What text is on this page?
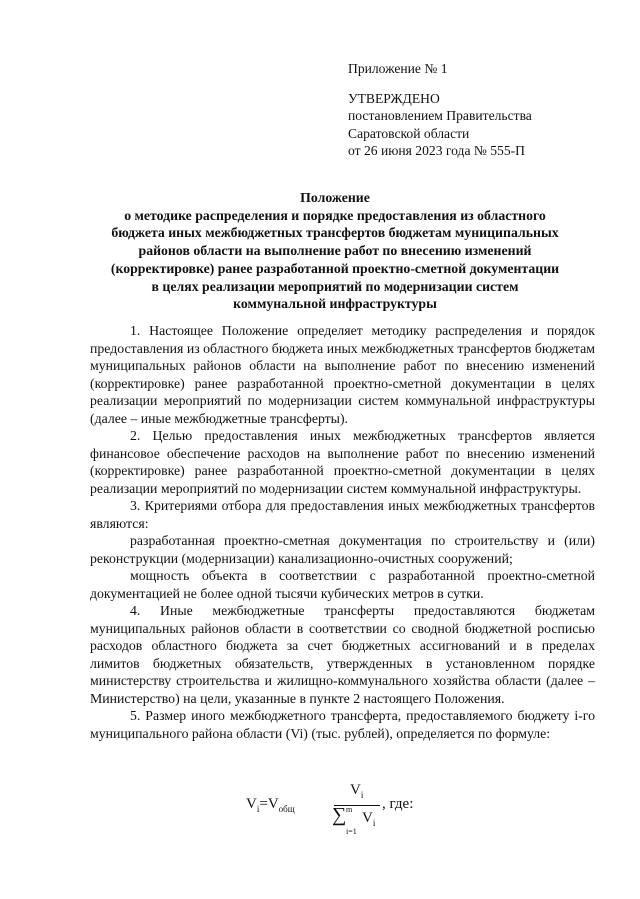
Приложение № 1
УТВЕРЖДЕНО
постановлением Правительства
Саратовской области
от 26 июня 2023 года № 555-П
Положение
о методике распределения и порядке предоставления из областного
бюджета иных межбюджетных трансфертов бюджетам муниципальных
районов области на выполнение работ по внесению изменений
(корректировке) ранее разработанной проектно-сметной документации
в целях реализации мероприятий по модернизации систем
коммунальной инфраструктуры

1. Настоящее Положение определяет методику распределения и порядок предоставления из областного бюджета иных межбюджетных трансфертов бюджетам муниципальных районов области на выполнение работ по внесению изменений (корректировке) ранее разработанной проектно-сметной документации в целях реализации мероприятий по модернизации систем коммунальной инфраструктуры (далее – иные межбюджетные трансферты).

2. Целью предоставления иных межбюджетных трансфертов является финансовое обеспечение расходов на выполнение работ по внесению изменений (корректировке) ранее разработанной проектно-сметной документации в целях реализации мероприятий по модернизации систем коммунальной инфраструктуры.

3. Критериями отбора для предоставления иных межбюджетных трансфертов являются:

разработанная проектно-сметная документация по строительству и (или) реконструкции (модернизации) канализационно-очистных сооружений;

мощность объекта в соответствии с разработанной проектно-сметной документацией не более одной тысячи кубических метров в сутки.

4. Иные межбюджетные трансферты предоставляются бюджетам муниципальных районов области в соответствии со сводной бюджетной росписью расходов областного бюджета за счет бюджетных ассигнований и в пределах лимитов бюджетных обязательств, утвержденных в установленном порядке министерству строительства и жилищно-коммунального хозяйства области (далее – Министерство) на цели, указанные в пункте 2 настоящего Положения.

5. Размер иного межбюджетного трансферта, предоставляемого бюджету i-го муниципального района области (Vi) (тыс. рублей), определяется по формуле:

$V_i=V_{общ}$
$V_i$
∑ m
i=1
$V_i$
, где:
